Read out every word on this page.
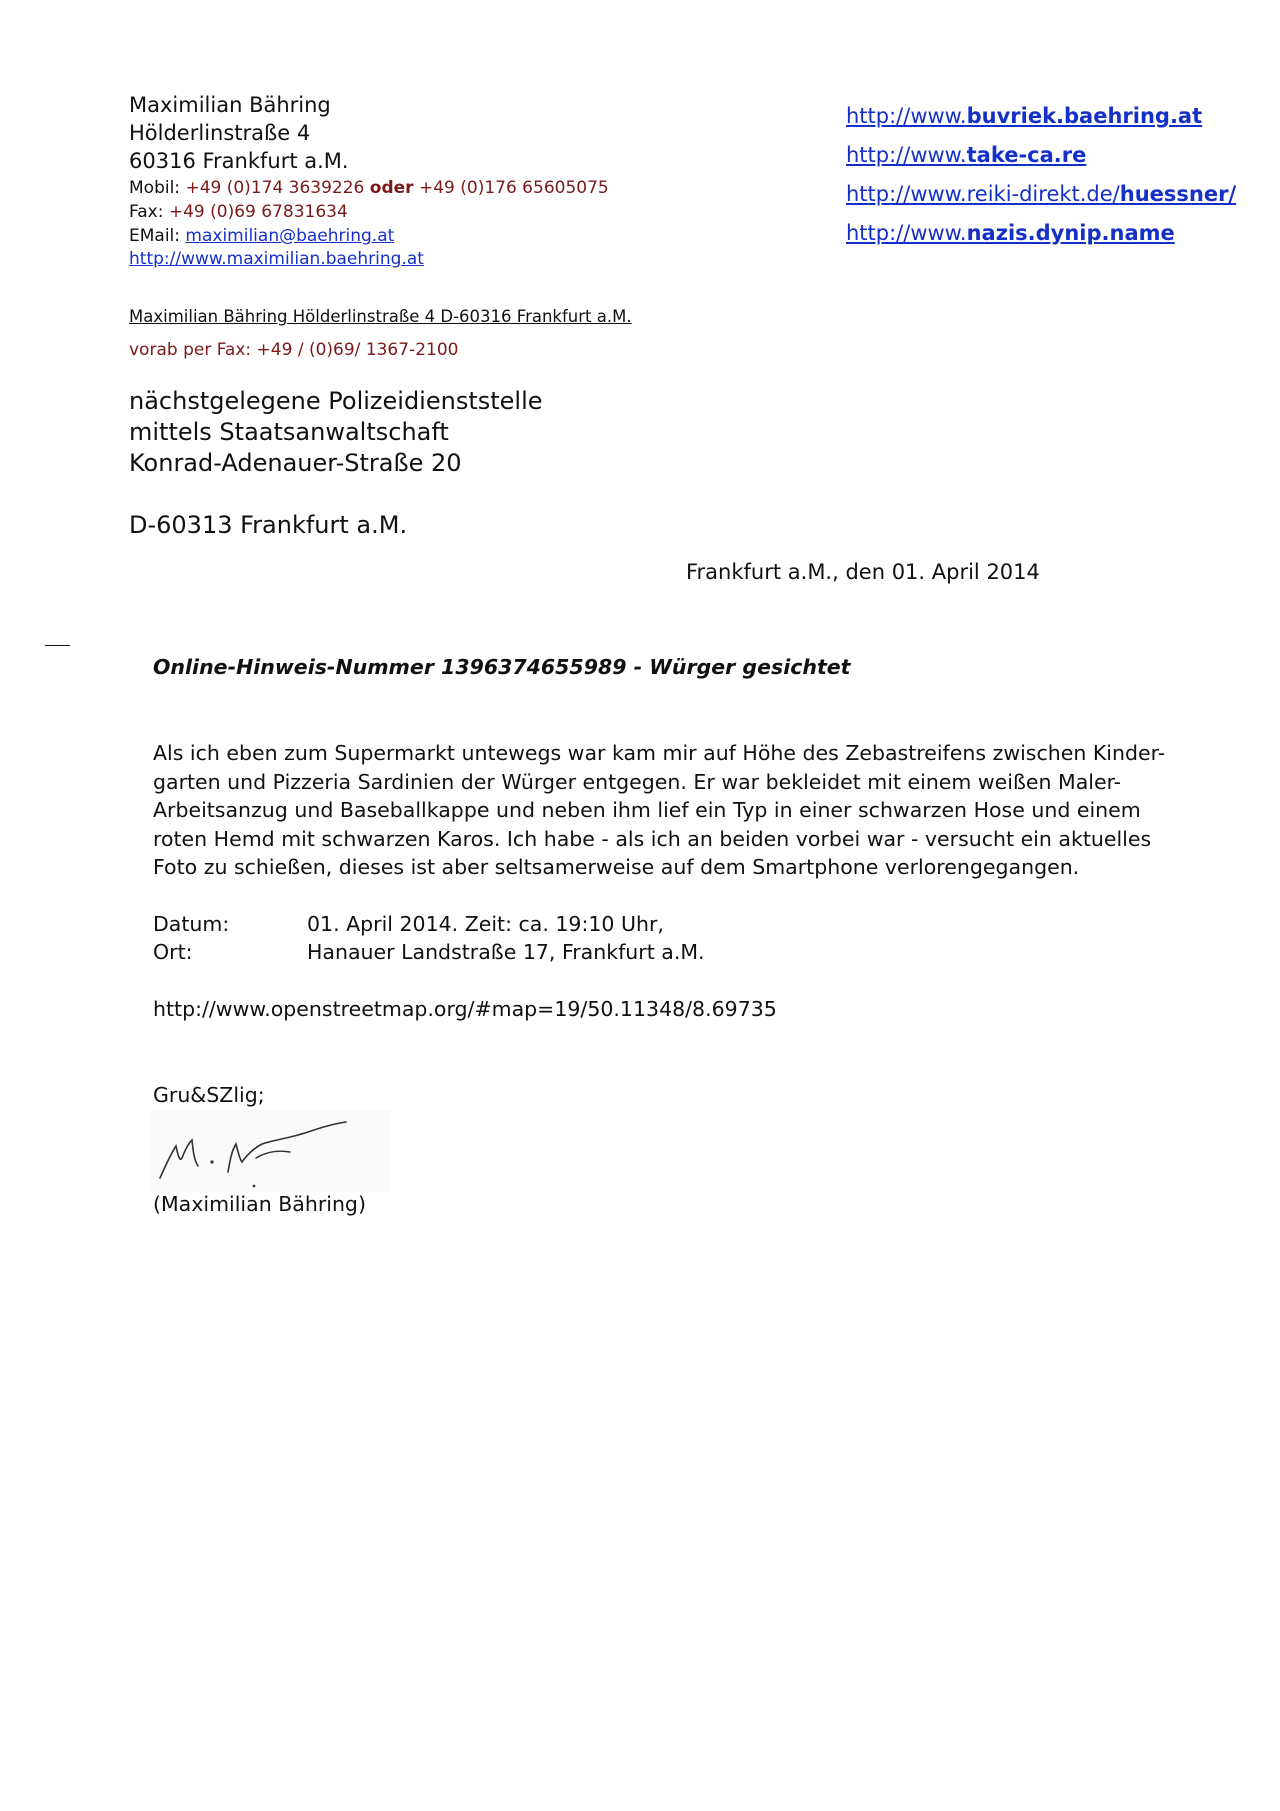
Maximilian Bähring
Hölderlinstraße 4
60316 Frankfurt a.M.
Mobil: +49 (0)174 3639226 oder +49 (0)176 65605075
Fax: +49 (0)69 67831634
EMail: maximilian@baehring.at
http://www.maximilian.baehring.at
http://www.buvriek.baehring.at
http://www.take-ca.re
http://www.reiki-direkt.de/huessner/
http://www.nazis.dynip.name
Maximilian Bähring Hölderlinstraße 4 D-60316 Frankfurt a.M.
vorab per Fax: +49 / (0)69/ 1367-2100
nächstgelegene Polizeidienststelle
mittels Staatsanwaltschaft
Konrad-Adenauer-Straße 20
D-60313 Frankfurt a.M.
Frankfurt a.M., den 01. April 2014
Online-Hinweis-Nummer 1396374655989 - Würger gesichtet
Als ich eben zum Supermarkt untewegs war kam mir auf Höhe des Zebastreifens zwischen Kinder-
garten und Pizzeria Sardinien der Würger entgegen. Er war bekleidet mit einem weißen Maler-
Arbeitsanzug und Baseballkappe und neben ihm lief ein Typ in einer schwarzen Hose und einem
roten Hemd mit schwarzen Karos. Ich habe - als ich an beiden vorbei war - versucht ein aktuelles
Foto zu schießen, dieses ist aber seltsamerweise auf dem Smartphone verlorengegangen.
Datum:	01. April 2014. Zeit: ca. 19:10 Uhr,
Ort:	Hanauer Landstraße 17, Frankfurt a.M.
http://www.openstreetmap.org/#map=19/50.11348/8.69735
Gru&SZlig;
(Maximilian Bähring)
